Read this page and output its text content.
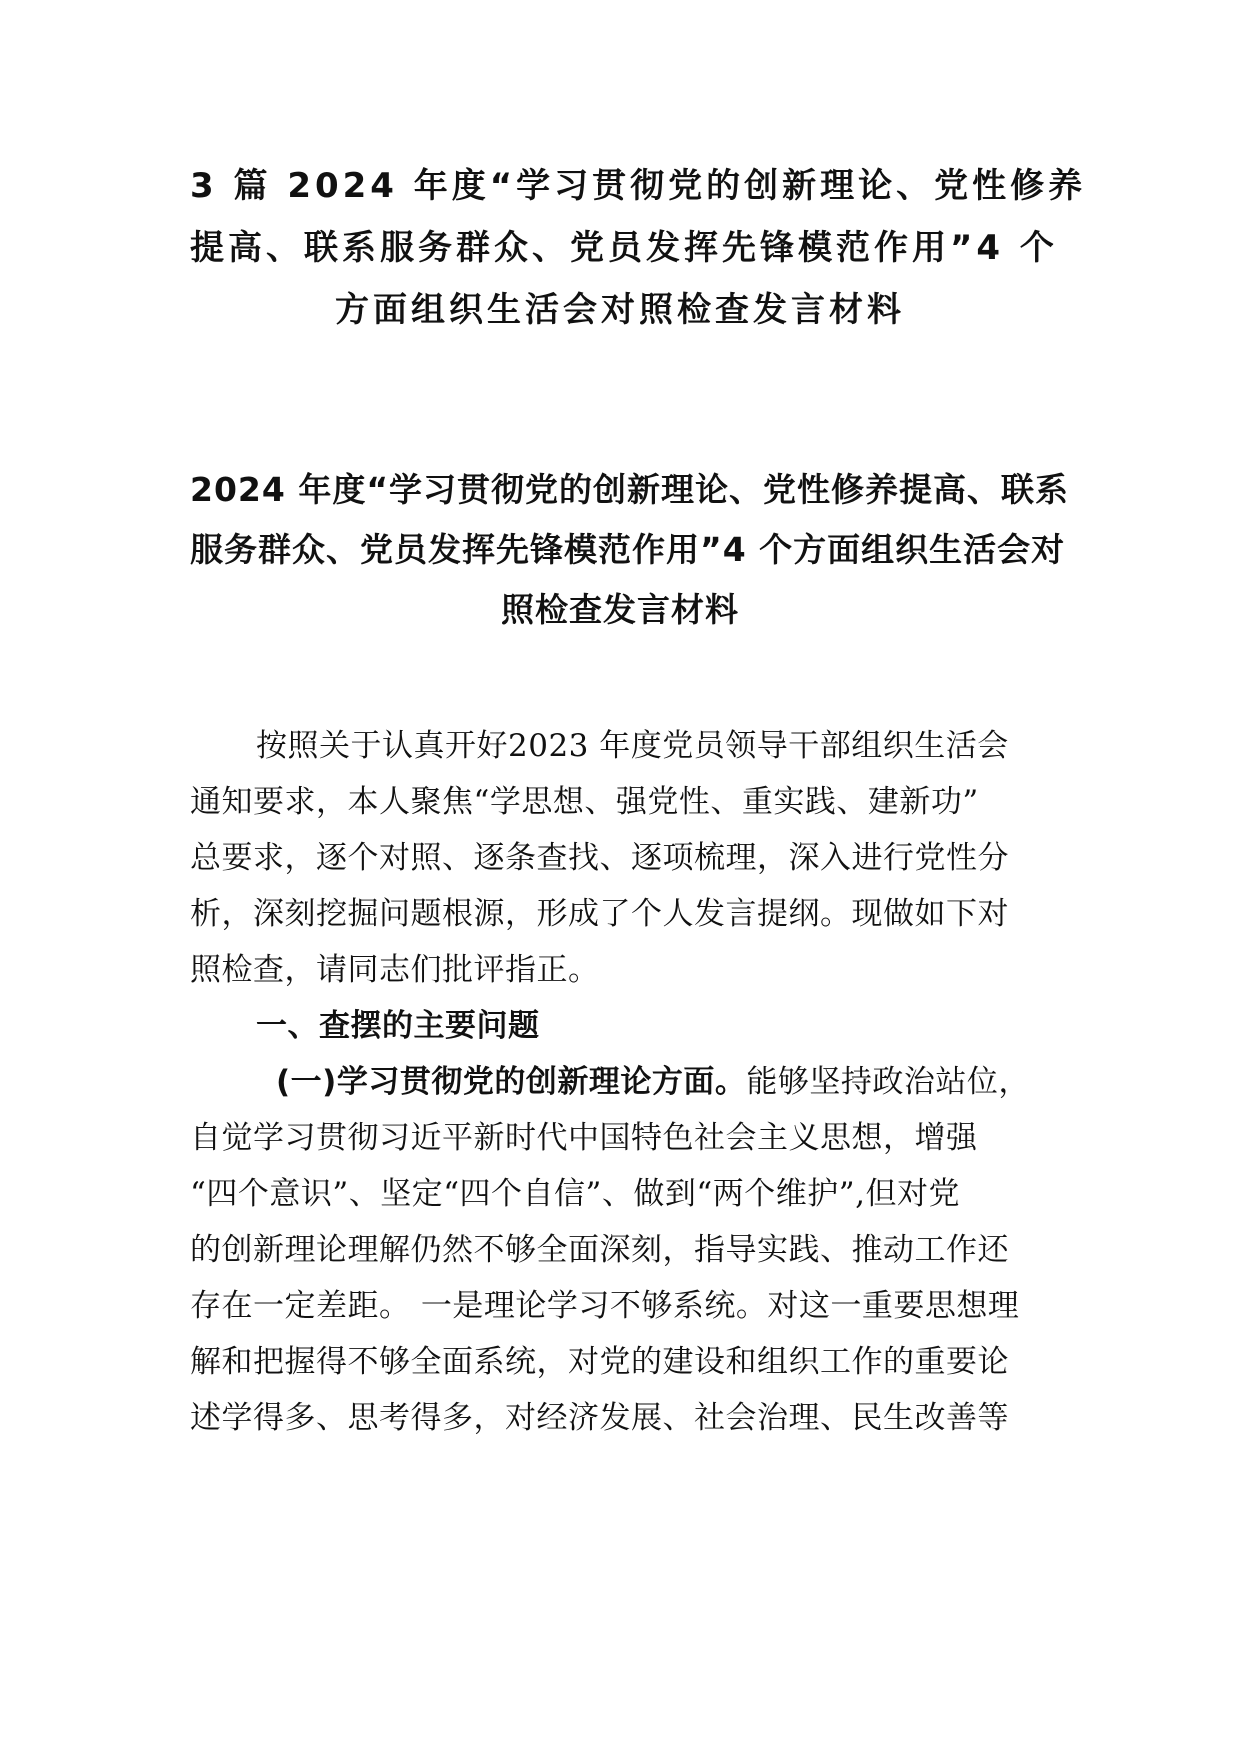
3 篇 2024 年度“学习贯彻党的创新理论、党性修养
提高、联系服务群众、党员发挥先锋模范作用”4 个
方面组织生活会对照检查发言材料
2024 年度“学习贯彻党的创新理论、党性修养提高、联系
服务群众、党员发挥先锋模范作用”4 个方面组织生活会对
照检查发言材料
按照关于认真开好2023 年度党员领导干部组织生活会
通知要求，本人聚焦“学思想、强党性、重实践、建新功”
总要求，逐个对照、逐条查找、逐项梳理，深入进行党性分
析，深刻挖掘问题根源，形成了个人发言提纲。现做如下对
照检查，请同志们批评指正。
一、查摆的主要问题
(一)学习贯彻党的创新理论方面。能够坚持政治站位，
自觉学习贯彻习近平新时代中国特色社会主义思想，增强
“四个意识”、坚定“四个自信”、做到“两个维护”,但对党
的创新理论理解仍然不够全面深刻，指导实践、推动工作还
存在一定差距。 一是理论学习不够系统。对这一重要思想理
解和把握得不够全面系统，对党的建设和组织工作的重要论
述学得多、思考得多，对经济发展、社会治理、民生改善等
